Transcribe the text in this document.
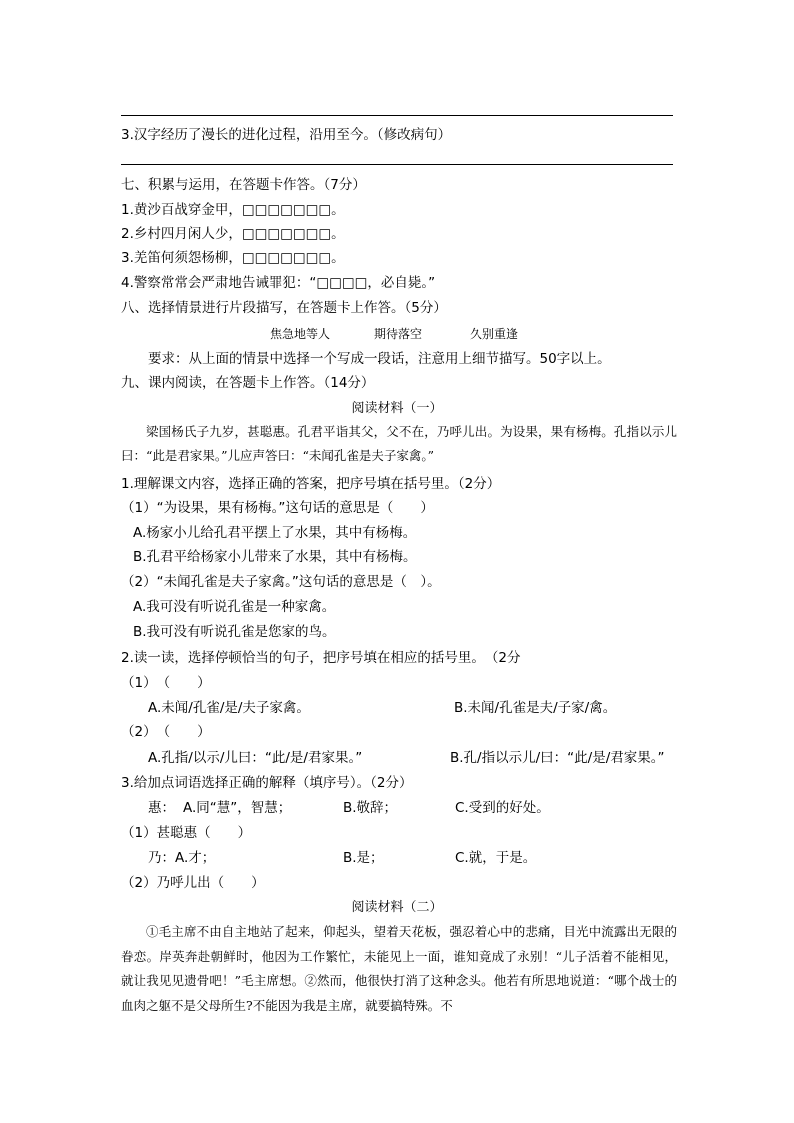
3.汉字经历了漫长的进化过程，沿用至今。（修改病句）
七、积累与运用，在答题卡作答。（7分）
1.黄沙百战穿金甲，□□□□□□□。
2.乡村四月闲人少，□□□□□□□。
3.羌笛何须怨杨柳，□□□□□□□。
4.警察常常会严肃地告诫罪犯：“□□□□，必自毙。”
八、选择情景进行片段描写，在答题卡上作答。（5分）
焦急地等人	期待落空	久别重逢
要求：从上面的情景中选择一个写成一段话，注意用上细节描写。50字以上。
九、课内阅读，在答题卡上作答。（14分）
阅读材料（一）
梁国杨氏子九岁，甚聪惠。孔君平诣其父，父不在，乃呼儿出。为设果，果有杨梅。孔指以示儿曰：“此是君家果。”儿应声答曰：“未闻孔雀是夫子家禽。”
1.理解课文内容，选择正确的答案，把序号填在括号里。（2分）
（1）“为设果，果有杨梅。”这句话的意思是（　　）
A.杨家小儿给孔君平摆上了水果，其中有杨梅。
B.孔君平给杨家小儿带来了水果，其中有杨梅。
（2）“未闻孔雀是夫子家禽。”这句话的意思是（　）。
A.我可没有听说孔雀是一种家禽。
B.我可没有听说孔雀是您家的鸟。
2.读一读，选择停顿恰当的句子，把序号填在相应的括号里。　（2分
（1）　（　　）
A.未闻/孔雀/是/夫子家禽。	B.未闻/孔雀是夫/子家/禽。
（2）　（　　）
A.孔指/以示/儿曰：“此/是/君家果。”	B.孔/指以示儿/曰：“此/是/君家果。”
3.给加点词语选择正确的解释（填序号）。（2分）
惠： A.同“慧”，智慧；	B.敬辞；	C.受到的好处。
（1）甚聪惠（　　）
乃： A.才；	B.是；	C.就，于是。
（2）乃呼儿出（　　）
阅读材料（二）
①毛主席不由自主地站了起来，仰起头，望着天花板，强忍着心中的悲痛，目光中流露出无限的眷恋。岸英奔赴朝鲜时，他因为工作繁忙，未能见上一面，谁知竟成了永别！“儿子活着不能相见，就让我见见遗骨吧！”毛主席想。②然而，他很快打消了这种念头。他若有所思地说道：“哪个战士的血肉之躯不是父母所生?不能因为我是主席，就要搞特殊。不
